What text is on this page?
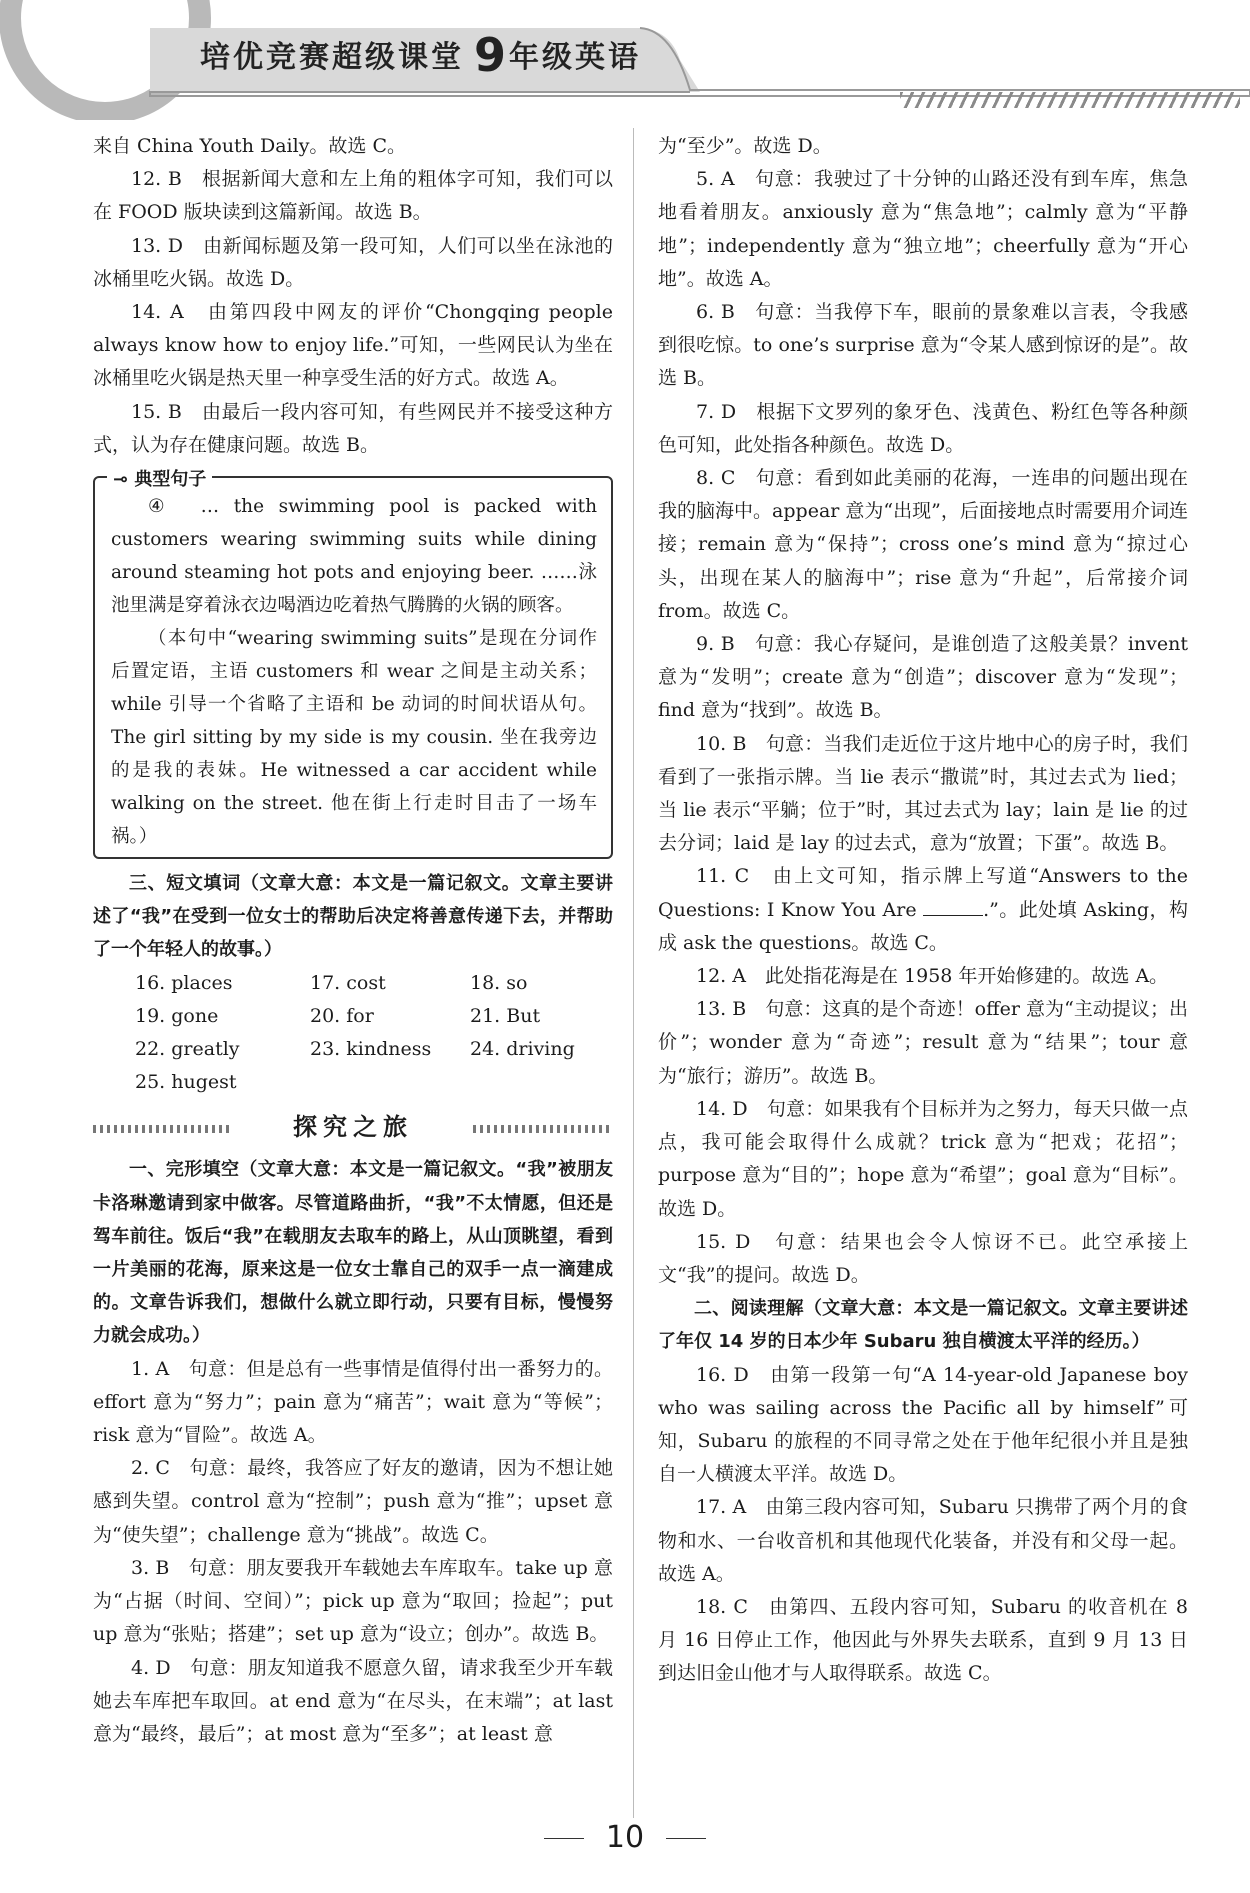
培优竞赛超级课堂 9年级英语

来自 China Youth Daily。故选 C。

12. B　根据新闻大意和左上角的粗体字可知，我们可以在 FOOD 版块读到这篇新闻。故选 B。

13. D　由新闻标题及第一段可知，人们可以坐在泳池的冰桶里吃火锅。故选 D。

14. A　由第四段中网友的评价“Chongqing people always know how to enjoy life.”可知，一些网民认为坐在冰桶里吃火锅是热天里一种享受生活的好方式。故选 A。

15. B　由最后一段内容可知，有些网民并不接受这种方式，认为存在健康问题。故选 B。

⊸ 典型句子

④　… the swimming pool is packed with customers wearing swimming suits while dining around steaming hot pots and enjoying beer. ……泳池里满是穿着泳衣边喝酒边吃着热气腾腾的火锅的顾客。

（本句中“wearing swimming suits”是现在分词作后置定语，主语 customers 和 wear 之间是主动关系；while 引导一个省略了主语和 be 动词的时间状语从句。The girl sitting by my side is my cousin. 坐在我旁边的是我的表妹。He witnessed a car accident while walking on the street. 他在街上行走时目击了一场车祸。）

三、短文填词（文章大意：本文是一篇记叙文。文章主要讲述了“我”在受到一位女士的帮助后决定将善意传递下去，并帮助了一个年轻人的故事。）

16. places	17. cost	18. so
19. gone	20. for	21. But
22. greatly	23. kindness	24. driving
25. hugest
探究之旅

一、完形填空（文章大意：本文是一篇记叙文。“我”被朋友卡洛琳邀请到家中做客。尽管道路曲折，“我”不太情愿，但还是驾车前往。饭后“我”在载朋友去取车的路上，从山顶眺望，看到一片美丽的花海，原来这是一位女士靠自己的双手一点一滴建成的。文章告诉我们，想做什么就立即行动，只要有目标，慢慢努力就会成功。）

1. A　句意：但是总有一些事情是值得付出一番努力的。effort 意为“努力”；pain 意为“痛苦”；wait 意为“等候”；risk 意为“冒险”。故选 A。

2. C　句意：最终，我答应了好友的邀请，因为不想让她感到失望。control 意为“控制”；push 意为“推”；upset 意为“使失望”；challenge 意为“挑战”。故选 C。

3. B　句意：朋友要我开车载她去车库取车。take up 意为“占据（时间、空间）”；pick up 意为“取回；捡起”；put up 意为“张贴；搭建”；set up 意为“设立；创办”。故选 B。

4. D　句意：朋友知道我不愿意久留，请求我至少开车载她去车库把车取回。at end 意为“在尽头，在末端”；at last 意为“最终，最后”；at most 意为“至多”；at least 意

为“至少”。故选 D。

5. A　句意：我驶过了十分钟的山路还没有到车库，焦急地看着朋友。anxiously 意为“焦急地”；calmly 意为“平静地”；independently 意为“独立地”；cheerfully 意为“开心地”。故选 A。

6. B　句意：当我停下车，眼前的景象难以言表，令我感到很吃惊。to one’s surprise 意为“令某人感到惊讶的是”。故选 B。

7. D　根据下文罗列的象牙色、浅黄色、粉红色等各种颜色可知，此处指各种颜色。故选 D。

8. C　句意：看到如此美丽的花海，一连串的问题出现在我的脑海中。appear 意为“出现”，后面接地点时需要用介词连接；remain 意为“保持”；cross one’s mind 意为“掠过心头，出现在某人的脑海中”；rise 意为“升起”，后常接介词 from。故选 C。

9. B　句意：我心存疑问，是谁创造了这般美景？invent 意为“发明”；create 意为“创造”；discover 意为“发现”；find 意为“找到”。故选 B。

10. B　句意：当我们走近位于这片地中心的房子时，我们看到了一张指示牌。当 lie 表示“撒谎”时，其过去式为 lied；当 lie 表示“平躺；位于”时，其过去式为 lay；lain 是 lie 的过去分词；laid 是 lay 的过去式，意为“放置；下蛋”。故选 B。

11. C　由上文可知，指示牌上写道“Answers to the Questions: I Know You Are	.”。此处填 Asking，构成 ask the questions。故选 C。

12. A　此处指花海是在 1958 年开始修建的。故选 A。

13. B　句意：这真的是个奇迹！offer 意为“主动提议；出价”；wonder 意为“奇迹”；result 意为“结果”；tour 意为“旅行；游历”。故选 B。

14. D　句意：如果我有个目标并为之努力，每天只做一点点，我可能会取得什么成就？trick 意为“把戏；花招”；purpose 意为“目的”；hope 意为“希望”；goal 意为“目标”。故选 D。

15. D　句意：结果也会令人惊讶不已。此空承接上文“我”的提问。故选 D。

二、阅读理解（文章大意：本文是一篇记叙文。文章主要讲述了年仅 14 岁的日本少年 Subaru 独自横渡太平洋的经历。）

16. D　由第一段第一句“A 14-year-old Japanese boy who was sailing across the Pacific all by himself”可知，Subaru 的旅程的不同寻常之处在于他年纪很小并且是独自一人横渡太平洋。故选 D。

17. A　由第三段内容可知，Subaru 只携带了两个月的食物和水、一台收音机和其他现代化装备，并没有和父母一起。故选 A。

18. C　由第四、五段内容可知，Subaru 的收音机在 8 月 16 日停止工作，他因此与外界失去联系，直到 9 月 13 日到达旧金山他才与人取得联系。故选 C。

10
